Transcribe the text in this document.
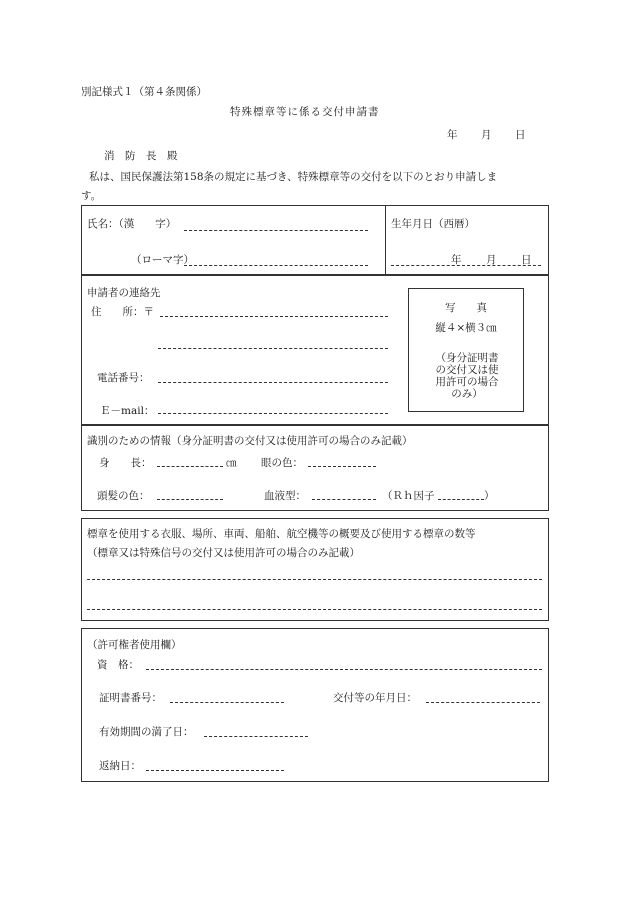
別記様式１（第４条関係）
特殊標章等に係る交付申請書
年 月 日
消　防　長　殿
私は、国民保護法第158条の規定に基づき、特殊標章等の交付を以下のとおり申請しま
す。
氏名：（漢　　字）
（ローマ字）
生年月日（西暦）
年 月 日
申請者の連絡先
住　　所：〒
電話番号：
Ｅ－mail：
写　　真
縦４×横３㎝
（身分証明書の交付又は使用許可の場合のみ）
識別のための情報（身分証明書の交付又は使用許可の場合のみ記載）
身　　長：	㎝ 眼の色：
頭髪の色：	血液型：	（Ｒｈ因子	）
標章を使用する衣服、場所、車両、船舶、航空機等の概要及び使用する標章の数等
（標章又は特殊信号の交付又は使用許可の場合のみ記載）
（許可権者使用欄）
資　格：
証明書番号：	交付等の年月日：
有効期間の満了日：
返納日：
